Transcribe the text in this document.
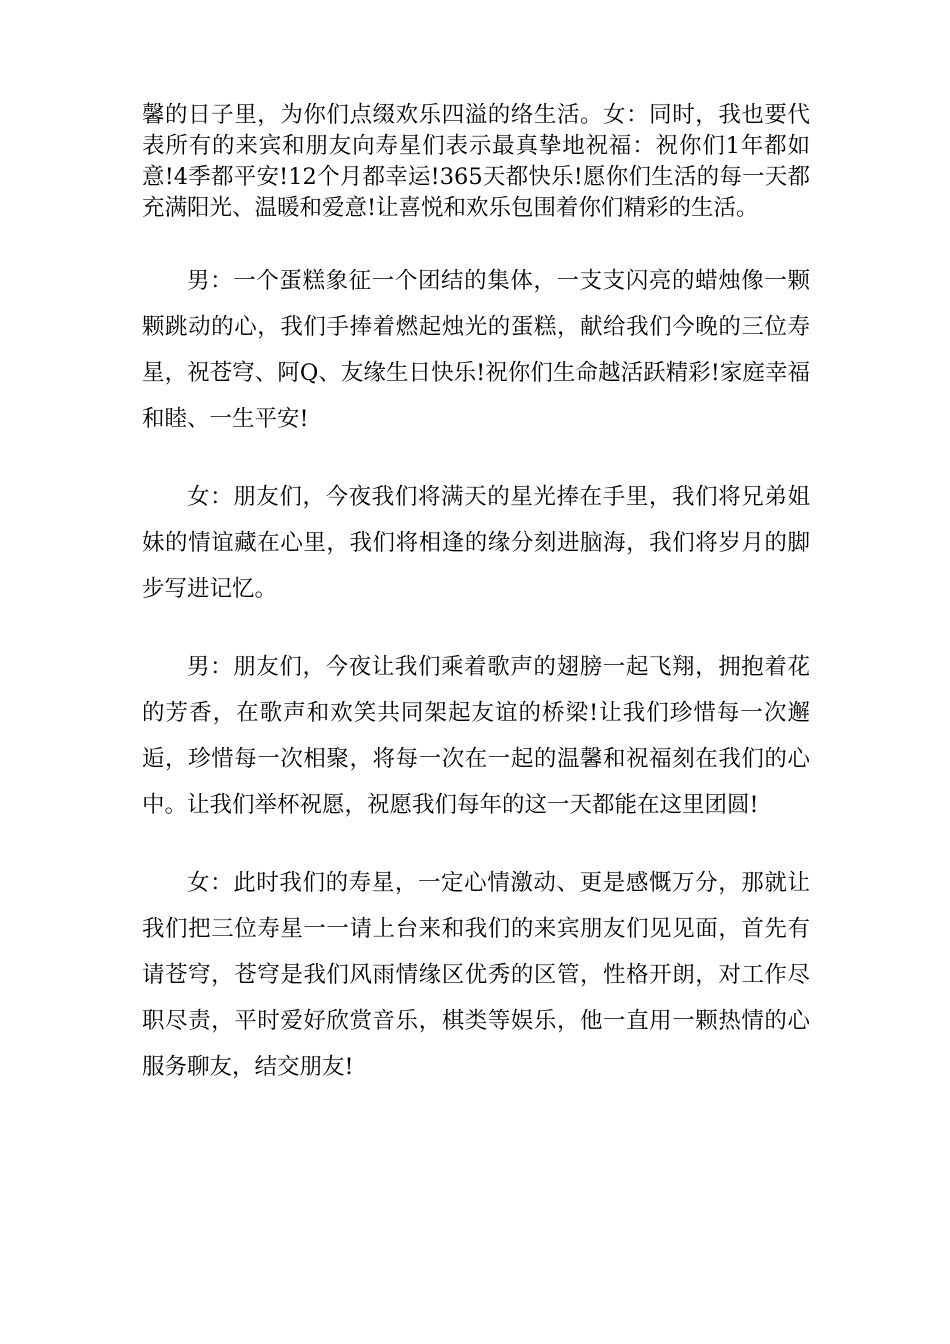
馨的日子里，为你们点缀欢乐四溢的络生活。女：同时，我也要代表所有的来宾和朋友向寿星们表示最真挚地祝福：祝你们1年都如意!4季都平安!12个月都幸运!365天都快乐!愿你们生活的每一天都充满阳光、温暖和爱意!让喜悦和欢乐包围着你们精彩的生活。

男：一个蛋糕象征一个团结的集体，一支支闪亮的蜡烛像一颗颗跳动的心，我们手捧着燃起烛光的蛋糕，献给我们今晚的三位寿星，祝苍穹、阿Q、友缘生日快乐!祝你们生命越活跃精彩!家庭幸福和睦、一生平安!

女：朋友们，今夜我们将满天的星光捧在手里，我们将兄弟姐妹的情谊藏在心里，我们将相逢的缘分刻进脑海，我们将岁月的脚步写进记忆。

男：朋友们，今夜让我们乘着歌声的翅膀一起飞翔，拥抱着花的芳香，在歌声和欢笑共同架起友谊的桥梁!让我们珍惜每一次邂逅，珍惜每一次相聚，将每一次在一起的温馨和祝福刻在我们的心中。让我们举杯祝愿，祝愿我们每年的这一天都能在这里团圆!

女：此时我们的寿星，一定心情激动、更是感慨万分，那就让我们把三位寿星一一请上台来和我们的来宾朋友们见见面，首先有请苍穹，苍穹是我们风雨情缘区优秀的区管，性格开朗，对工作尽职尽责，平时爱好欣赏音乐，棋类等娱乐，他一直用一颗热情的心服务聊友，结交朋友!
